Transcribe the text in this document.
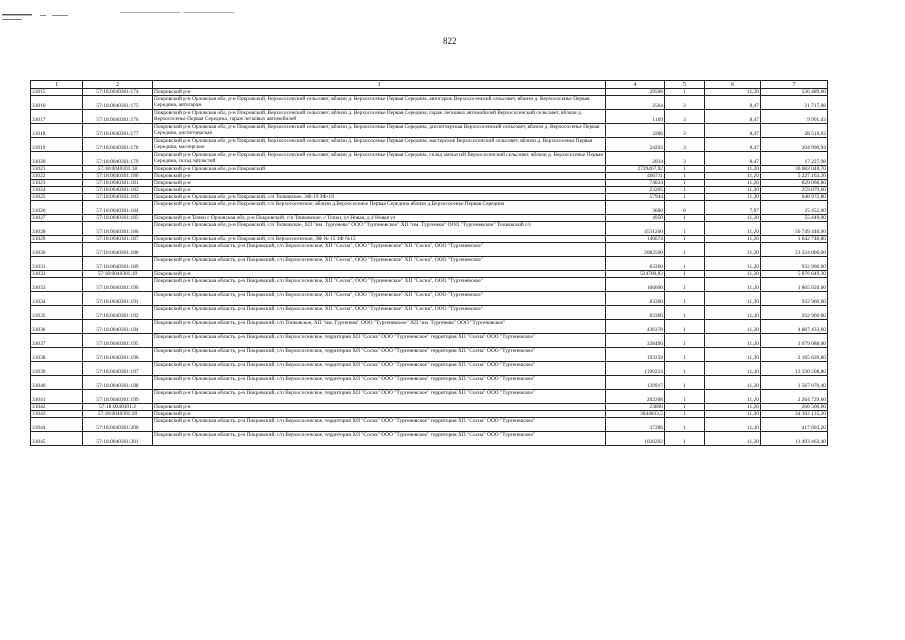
822
1	2	3	4	5	6	7
31015	57:18:0040301:174	Покровский р-н	29508	1	11,20	330 489,60
31016	57:18:0040301:175	Покровский р-н Орловская обл, р-н Покровский, Верхососенский сельсовет, вблизи д. Верхососенье Первая Середина, автогараж Верхососенский сельсовет, вблизи д. Верхососенье Первая Середина, автогараж	2564	3	8,47	21 717,08
31017	57:18:0040301:176	Покровский р-н Орловская обл, р-н Покровский, Верхососенский сельсовет, вблизи д. Верхососенье Первая Середина, гараж легковых автомобилей Верхососенский сельсовет, вблизи д. Верхососенье Первая Середина, гараж легковых автомобилей	1169	3	8,47	9 901,43
31018	57:18:0040301:177	Покровский р-н Орловская обл, р-н Покровский, Верхососенский сельсовет, вблизи д. Верхососенье Первая Середина, диспетчерская Верхососенский сельсовет, вблизи д. Верхососенье Первая Середина, диспетчерская	3366	3	8,47	28 510,02
31019	57:18:0040301:178	Покровский р-н Орловская обл, р-н Покровский, Верхососенский сельсовет, вблизи д. Верхососенье Первая Середина, мастерские Верхососенский сельсовет, вблизи д. Верхососенье Первая Середина, мастерские	24202	3	8,47	204 990,94
31020	57:18:0040301:179	Покровский р-н Орловская обл, р-н Покровский, Верхососенский сельсовет, вблизи д. Верхососенье Первая Середина, склад запчастей Верхососенский сельсовет, вблизи д. Верхососенье Первая Середина, склад запчастей	2034	3	8,47	17 227,98
31021	57:18:0040301:18	Покровский р-н Орловская обл, р-н Покровский	2739467,92	1	11,20	30 682 040,70
31022	57:18:0040301:180	Покровский р-н	466711	1	11,20	5 227 163,20
31023	57:18:0040301:181	Покровский р-н	74024	1	11,20	829 068,80
31024	57:18:0040301:182	Покровский р-н	23205	1	11,20	259 879,60
31025	57:18:0040301:183	Покровский р-н Орловская обл, р-н Покровский, с/п Топковское, ЗФ-19 ЗФ-19	57944	1	11,20	648 972,80
31026	57:18:0040301:184	Покровский р-н Орловская обл, р-н Покровский, с/п Верхососенское, вблизи д.Верхососенье Первая Середина вблизи д.Верхососенье Первая Середина	3600	6	7,07	25 452,00
31027	57:18:0040301:185	Покровский р-н Топки с Орловская обл, р-н Покровский, с/п Топковское, с Топки, ул Новая, д 4 Новая ул	4950	1	11,20	55 440,00
31028	57:18:0040301:186	Покровский р-н Орловская обл, р-н Покровский, с/п Топковское, ХП "им. Тургенева" ООО "Тургеневское" ХП "им. Тургенева" ООО "Тургеневское" Топковский с/с	4531200	1	11,20	50 749 440,00
31029	57:18:0040301:187	Покровский р-н Орловская обл, р-н Покровский, с/п Верхососенское, ЗФ № 15 ЗФ №15	146674	1	11,20	1 642 748,80
31030	57:18:0040301:188	Покровский р-н Орловская область, р-н Покровский, с/п Верхососенское, ХП "Сосна", ООО "Тургеневское" ХП "Сосна", ООО "Тургеневское"	2082500	1	11,20	23 324 000,00
31031	57:18:0040301:189	Покровский р-н Орловская область, р-н Покровский, с/п Верхососенское, ХП "Сосна", ООО "Тургеневское" ХП "Сосна", ООО "Тургеневское"	83300	1	11,20	932 960,00
31032	57:18:0040301:19	Покровский р-н	524700,83	1	11,20	5 876 649,30
31033	57:18:0040301:190	Покровский р-н Орловская область, р-н Покровский, с/п Верхососенское, ХП "Сосна", ООО "Тургеневское" ХП "Сосна", ООО "Тургеневское"	166600	1	11,20	1 865 920,00
31034	57:18:0040301:191	Покровский р-н Орловская область, р-н Покровский, с/п Верхососенское, ХП "Сосна", ООО "Тургеневское" ХП "Сосна", ООО "Тургеневское"	83300	1	11,20	932 960,00
31035	57:18:0040301:192	Покровский р-н Орловская область, р-н Покровский, с/п Верхососенское, ХП "Сосна", ООО "Тургеневское" ХП "Сосна", ООО "Тургеневское"	83300	1	11,20	932 960,00
31036	57:18:0040301:194	Покровский р-н Орловская область, р-н Покровский, с/п Топковское, ХП "им. Тургенева" ООО "Тургеневское" ХП "им. Тургенева" ООО "Тургеневское"	436378	1	11,20	4 887 433,60
31037	57:18:0040301:195	Покровский р-н Орловская область, р-н Покровский, с/п Верхососенское, территория ХП "Сосна" ООО "Тургеневское" территория ХП "Сосна" ООО "Тургеневское"	328490	1	11,20	3 679 088,00
31038	57:18:0040301:196	Покровский р-н Орловская область, р-н Покровский, с/п Верхососенское, территория ХП "Сосна" ООО "Тургеневское" территория ХП "Сосна" ООО "Тургеневское"	193359	1	11,20	2 165 620,80
31039	57:18:0040301:197	Покровский р-н Орловская область, р-н Покровский, с/п Верхососенское, территория ХП "Сосна" ООО "Тургеневское" территория ХП "Сосна" ООО "Тургеневское"	1190224	1	11,20	13 330 508,80
31040	57:18:0040301:198	Покровский р-н Орловская область, р-н Покровский, с/п Верхососенское, территория ХП "Сосна" ООО "Тургеневское" территория ХП "Сосна" ООО "Тургеневское"	139917	1	11,20	1 567 070,40
31041	57:18:0040301:199	Покровский р-н Орловская область, р-н Покровский, с/п Верхососенское, территория ХП "Сосна" ООО "Тургеневское" территория ХП "Сосна" ООО "Тургеневское"	202208	1	11,20	2 264 729,60
31042	57:18:0040301:2	Покровский р-н	23800	1	11,20	266 560,00
31043	57:18:0040301:20	Покровский р-н	3044833,5	1	11,20	34 102 135,20
31044	57:18:0040301:200	Покровский р-н Орловская область, р-н Покровский, с/п Верхососенское, территория ХП "Сосна" ООО "Тургеневское" территория ХП "Сосна" ООО "Тургеневское"	37286	1	11,20	417 603,20
31045	57:18:0040301:201	Покровский р-н Орловская область, р-н Покровский, с/п Верхососенское, территория ХП "Сосна" ООО "Тургеневское" территория ХП "Сосна" ООО "Тургеневское"	1026202	1	11,20	11 493 462,40
